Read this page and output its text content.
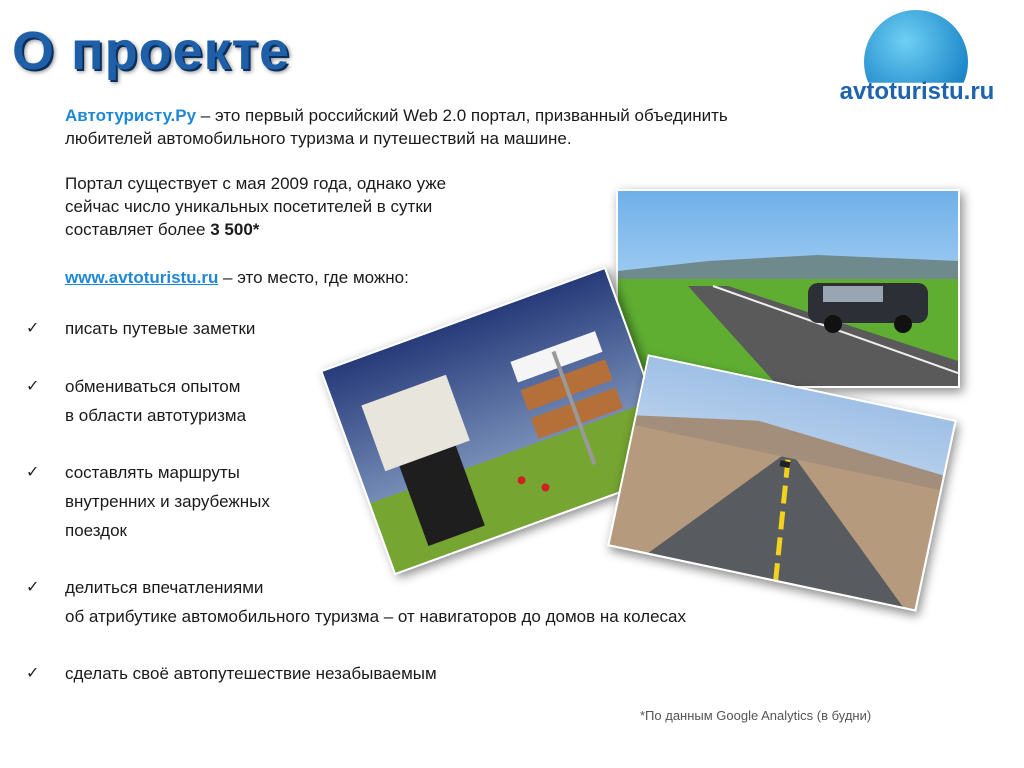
О проекте
avtoturistu.ru
Автотуристу.Ру – это первый российский Web 2.0 портал, призванный объединить
любителей автомобильного туризма и путешествий на машине.
Портал существует с мая 2009 года, однако уже
сейчас число уникальных посетителей в сутки
составляет более 3 500*
www.avtoturistu.ru – это место, где можно:
✓ писать путевые заметки
✓ обмениваться опытом
в области автотуризма
✓ составлять маршруты
внутренних и зарубежных
поездок
✓ делиться впечатлениями
об атрибутике автомобильного туризма – от навигаторов до домов на колесах
✓ сделать своё автопутешествие незабываемым
*По данным Google Analytics (в будни)
